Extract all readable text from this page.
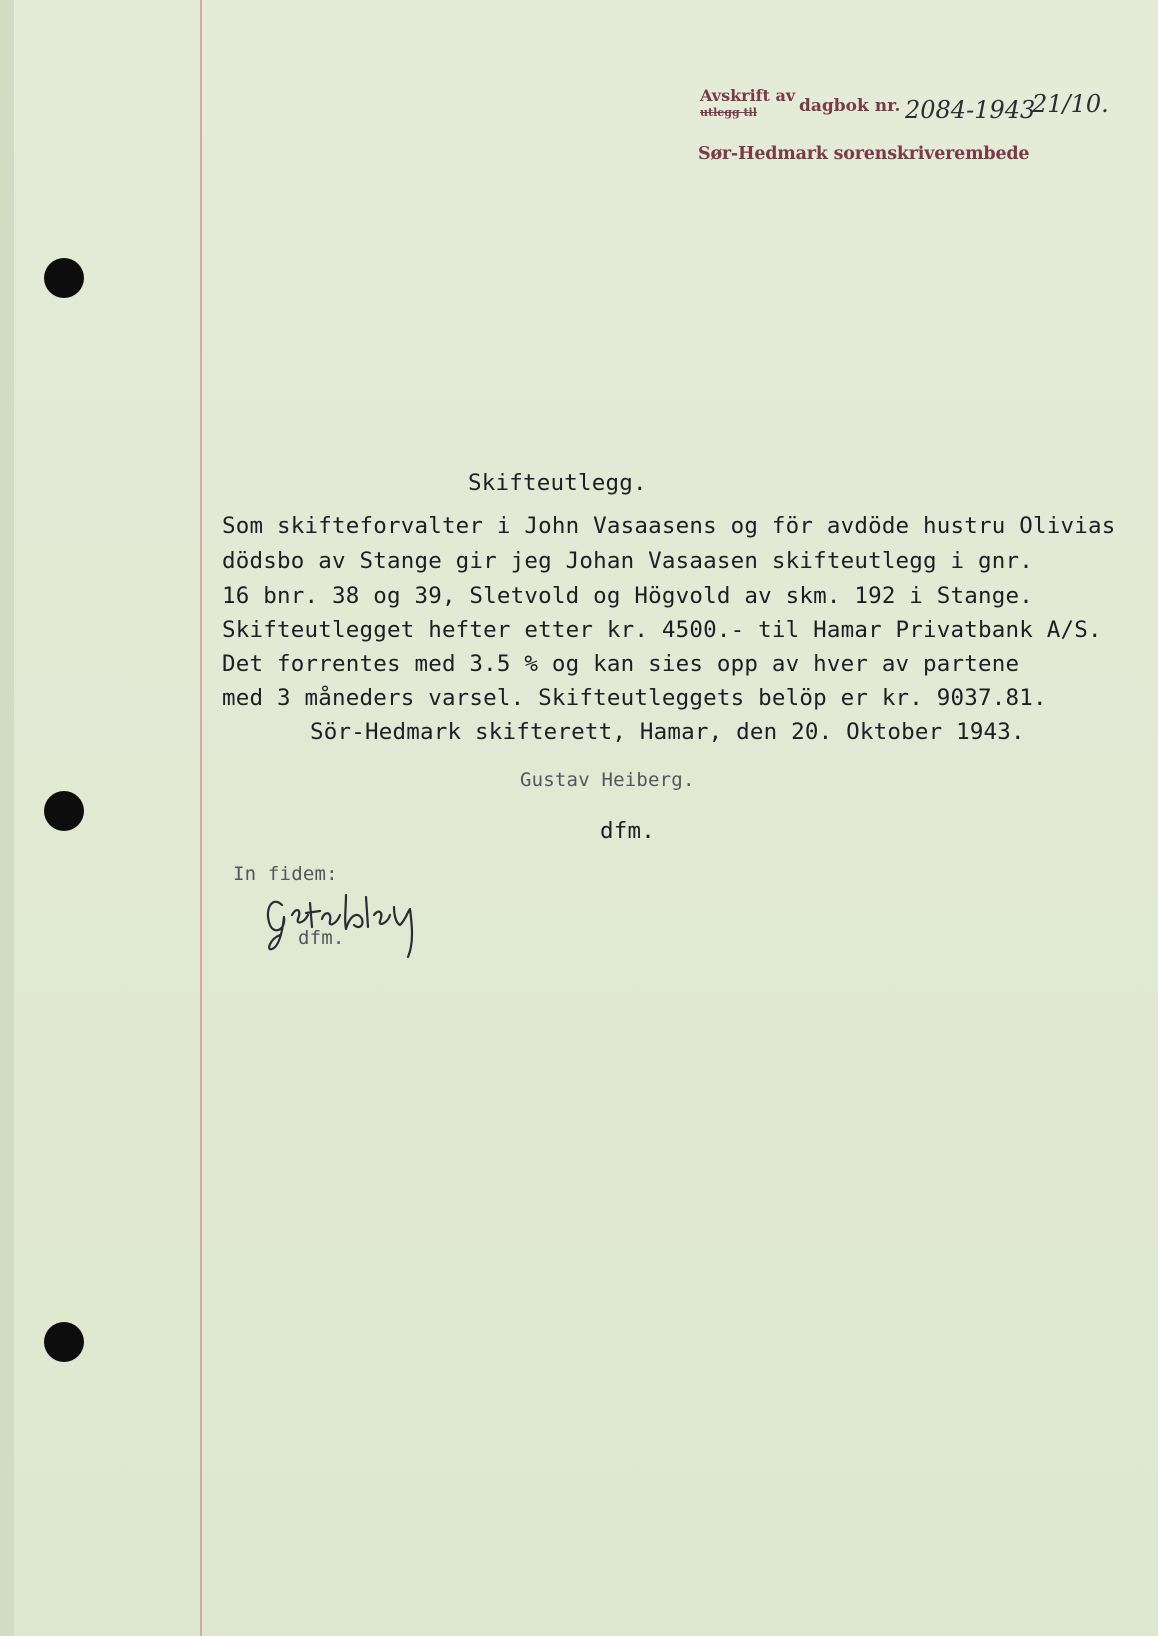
Avskrift av
utlegg til dagbok nr.
Sør-Hedmark sorenskriverembede
2084-1943
21/10.
Skifteutlegg.
Som skifteforvalter i John Vasaasens og för avdöde hustru Olivias
dödsbo av Stange gir jeg Johan Vasaasen skifteutlegg i gnr.
16 bnr. 38 og 39, Sletvold og Högvold av skm. 192 i Stange.
Skifteutlegget hefter etter kr. 4500.- til Hamar Privatbank A/S.
Det forrentes med 3.5 % og kan sies opp av hver av partene
med 3 måneders varsel. Skifteutleggets belöp er kr. 9037.81.
Sör-Hedmark skifterett, Hamar, den 20. Oktober 1943.
Gustav Heiberg.
dfm.
In fidem:
dfm.
